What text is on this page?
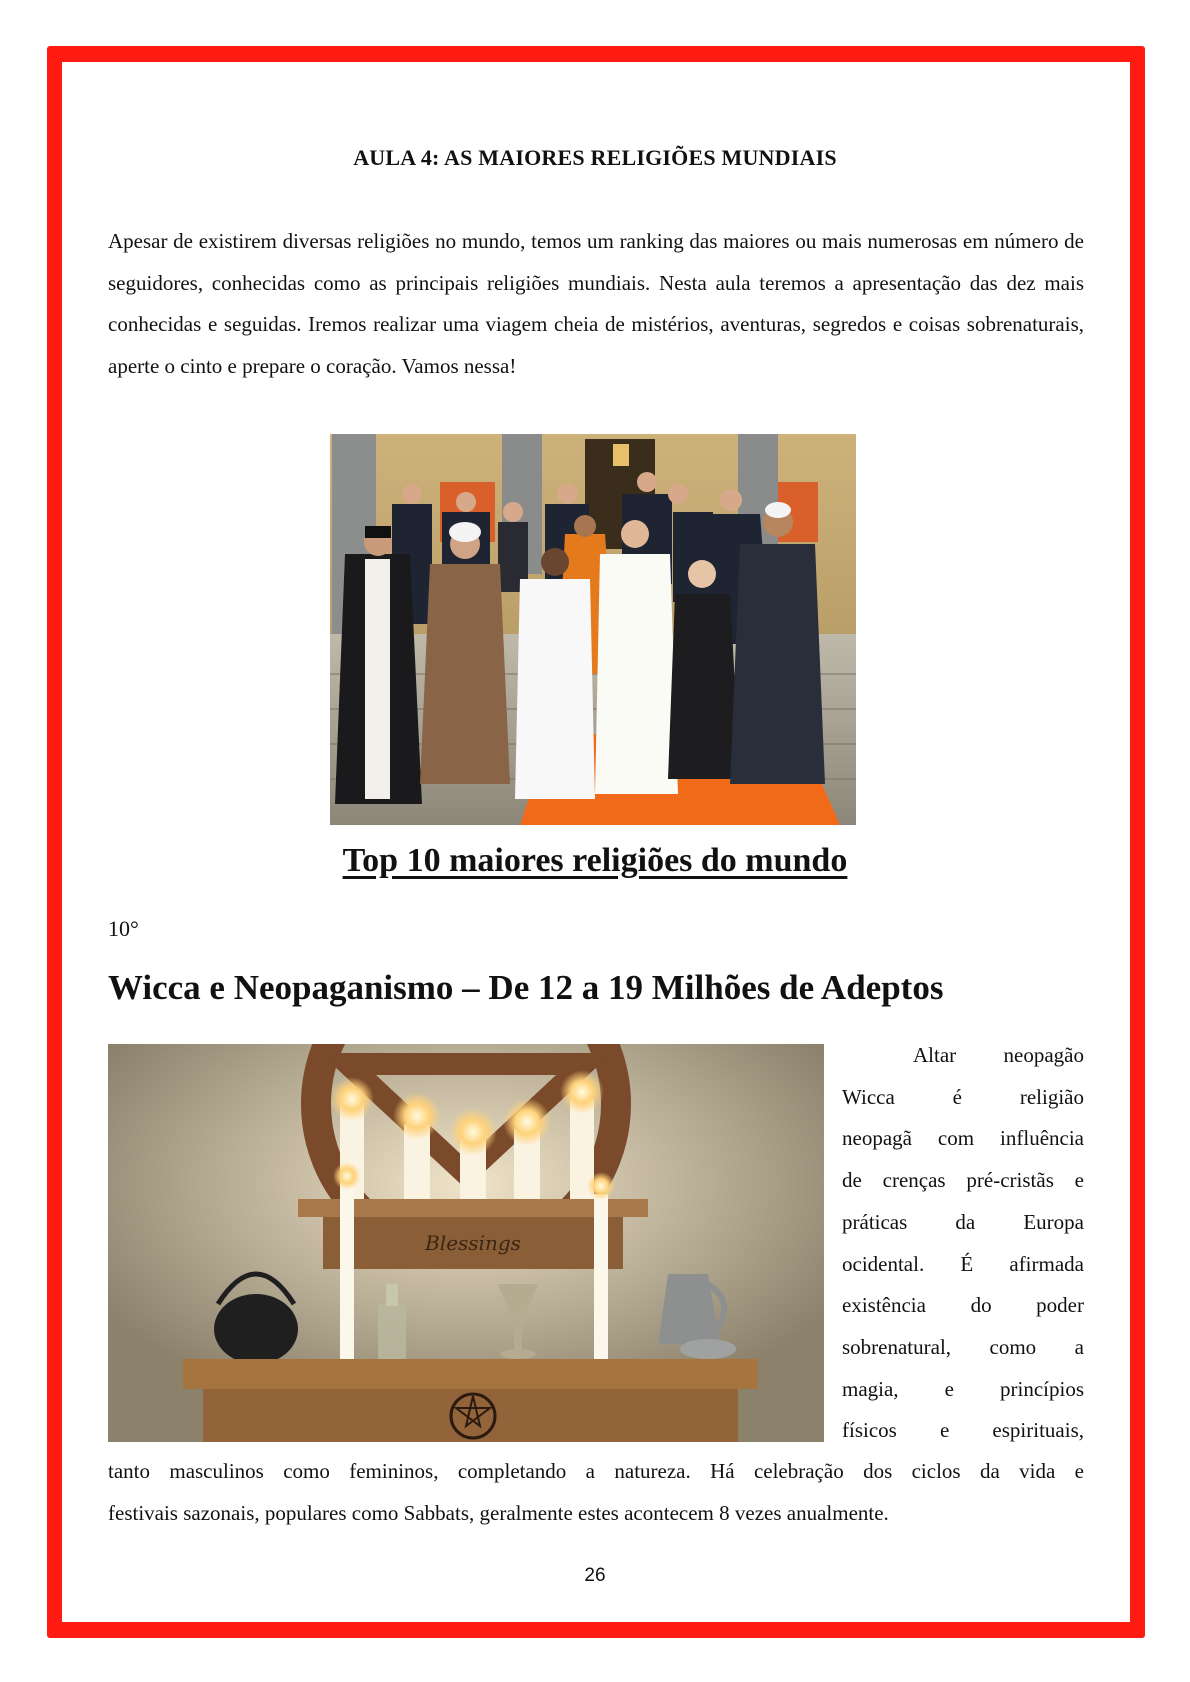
AULA 4: AS MAIORES RELIGIÕES MUNDIAIS

Apesar de existirem diversas religiões no mundo, temos um ranking das maiores ou mais numerosas em número de seguidores, conhecidas como as principais religiões mundiais. Nesta aula teremos a apresentação das dez mais conhecidas e seguidas. Iremos realizar uma viagem cheia de mistérios, aventuras, segredos e coisas sobrenaturais, aperte o cinto e prepare o coração. Vamos nessa!

Top 10 maiores religiões do mundo
10°
Wicca e Neopaganismo – De 12 a 19 Milhões de Adeptos
Blessings
Altar neopagão
Wicca é religião
neopagã com influência
de crenças pré-cristãs e
práticas da Europa
ocidental. É afirmada
existência do poder
sobrenatural, como a
magia, e princípios
físicos e espirituais,

tanto masculinos como femininos, completando a natureza. Há celebração dos ciclos da vida e
festivais sazonais, populares como Sabbats, geralmente estes acontecem 8 vezes anualmente.

26
